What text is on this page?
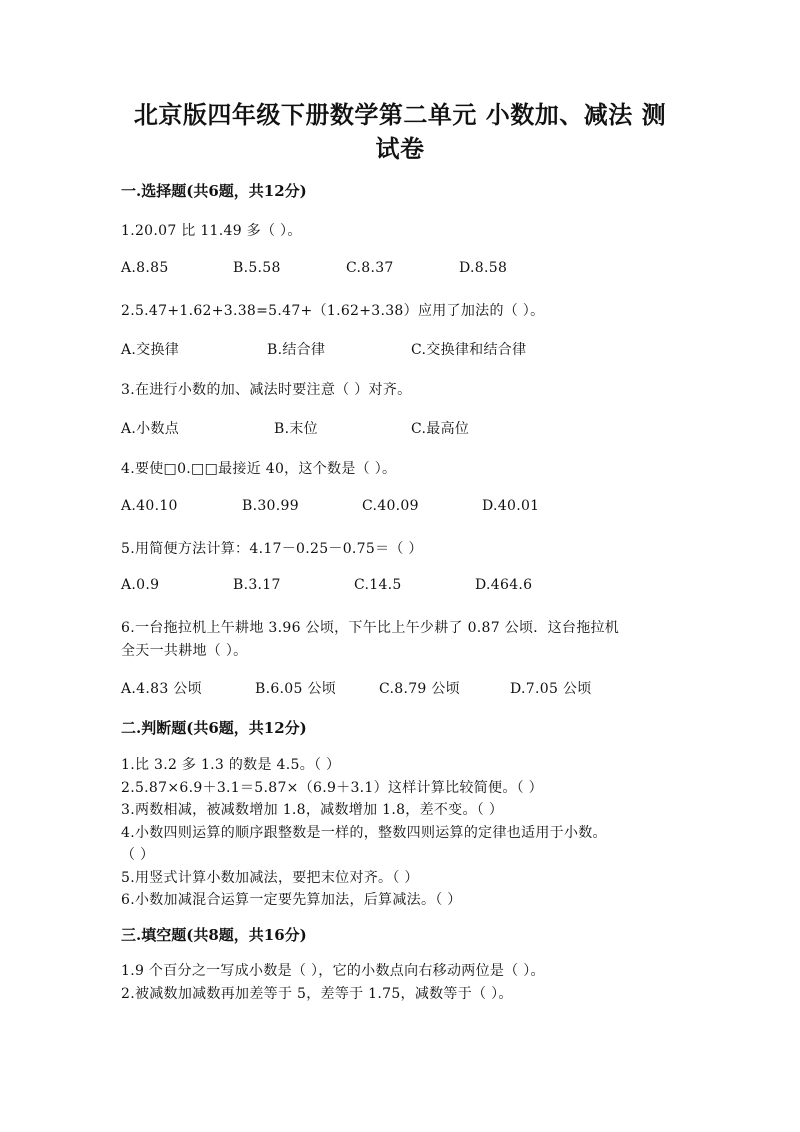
北京版四年级下册数学第二单元 小数加、减法 测
试卷
一.选择题(共6题，共12分)
1.20.07 比 11.49 多（ ）。
A.8.85	B.5.58	C.8.37	D.8.58
2.5.47+1.62+3.38=5.47+（1.62+3.38）应用了加法的（ ）。
A.交换律	B.结合律	C.交换律和结合律
3.在进行小数的加、减法时要注意（ ）对齐。
A.小数点	B.末位	C.最高位
4.要使□0.□□最接近 40，这个数是（ ）。
A.40.10	B.30.99	C.40.09	D.40.01
5.用简便方法计算：4.17－0.25－0.75＝（ ）
A.0.9	B.3.17	C.14.5	D.464.6
6.一台拖拉机上午耕地 3.96 公顷，下午比上午少耕了 0.87 公顷．这台拖拉机
全天一共耕地（ ）。
A.4.83 公顷	B.6.05 公顷	C.8.79 公顷	D.7.05 公顷
二.判断题(共6题，共12分)
1.比 3.2 多 1.3 的数是 4.5。（ ）
2.5.87×6.9＋3.1＝5.87×（6.9＋3.1）这样计算比较简便。（ ）
3.两数相减，被减数增加 1.8，减数增加 1.8，差不变。（ ）
4.小数四则运算的顺序跟整数是一样的，整数四则运算的定律也适用于小数。
（ ）
5.用竖式计算小数加减法，要把末位对齐。（ ）
6.小数加减混合运算一定要先算加法，后算减法。（ ）
三.填空题(共8题，共16分)
1.9 个百分之一写成小数是（ ），它的小数点向右移动两位是（ ）。
2.被减数加减数再加差等于 5，差等于 1.75，减数等于（ ）。
